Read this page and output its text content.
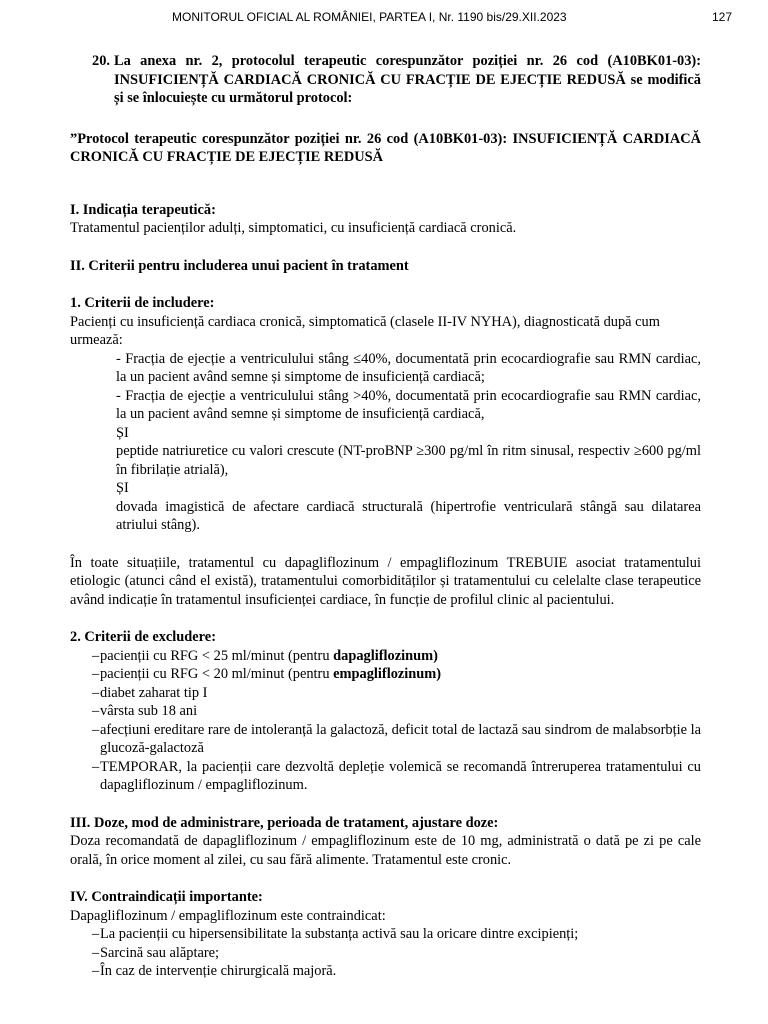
MONITORUL OFICIAL AL ROMÂNIEI, PARTEA I, Nr. 1190 bis/29.XII.2023	127

20. La anexa nr. 2, protocolul terapeutic corespunzător poziției nr. 26 cod (A10BK01-03): INSUFICIENȚĂ CARDIACĂ CRONICĂ CU FRACȚIE DE EJECȚIE REDUSĂ se modifică și se înlocuiește cu următorul protocol:

”Protocol terapeutic corespunzător poziției nr. 26 cod (A10BK01-03): INSUFICIENȚĂ CARDIACĂ CRONICĂ CU FRACȚIE DE EJECȚIE REDUSĂ

I. Indicația terapeutică:

Tratamentul pacienților adulți, simptomatici, cu insuficiență cardiacă cronică.

II. Criterii pentru includerea unui pacient în tratament

1. Criterii de includere:

Pacienți cu insuficiență cardiaca cronică, simptomatică (clasele II-IV NYHA), diagnosticată după cum urmează:

- Fracția de ejecție a ventriculului stâng ≤40%, documentată prin ecocardiografie sau RMN cardiac, la un pacient având semne și simptome de insuficiență cardiacă;

- Fracția de ejecție a ventriculului stâng >40%, documentată prin ecocardiografie sau RMN cardiac, la un pacient având semne și simptome de insuficiență cardiacă,

ȘI

peptide natriuretice cu valori crescute (NT-proBNP ≥300 pg/ml în ritm sinusal, respectiv ≥600 pg/ml în fibrilație atrială),

ȘI

dovada imagistică de afectare cardiacă structurală (hipertrofie ventriculară stângă sau dilatarea atriului stâng).

În toate situațiile, tratamentul cu dapagliflozinum / empagliflozinum TREBUIE asociat tratamentului etiologic (atunci când el există), tratamentului comorbidităților și tratamentului cu celelalte clase terapeutice având indicație în tratamentul insuficienței cardiace, în funcție de profilul clinic al pacientului.

2. Criterii de excludere:

– pacienții cu RFG < 25 ml/minut (pentru dapagliflozinum)
– pacienții cu RFG < 20 ml/minut (pentru empagliflozinum)
– diabet zaharat tip I
– vârsta sub 18 ani
– afecțiuni ereditare rare de intoleranță la galactoză, deficit total de lactază sau sindrom de malabsorbție la glucoză-galactoză
– TEMPORAR, la pacienții care dezvoltă depleție volemică se recomandă întreruperea tratamentului cu dapagliflozinum / empagliflozinum.

III. Doze, mod de administrare, perioada de tratament, ajustare doze:

Doza recomandată de dapagliflozinum / empagliflozinum este de 10 mg, administrată o dată pe zi pe cale orală, în orice moment al zilei, cu sau fără alimente. Tratamentul este cronic.

IV. Contraindicații importante:

Dapagliflozinum / empagliflozinum este contraindicat:

– La pacienții cu hipersensibilitate la substanța activă sau la oricare dintre excipienți;
– Sarcină sau alăptare;
– În caz de intervenție chirurgicală majoră.
